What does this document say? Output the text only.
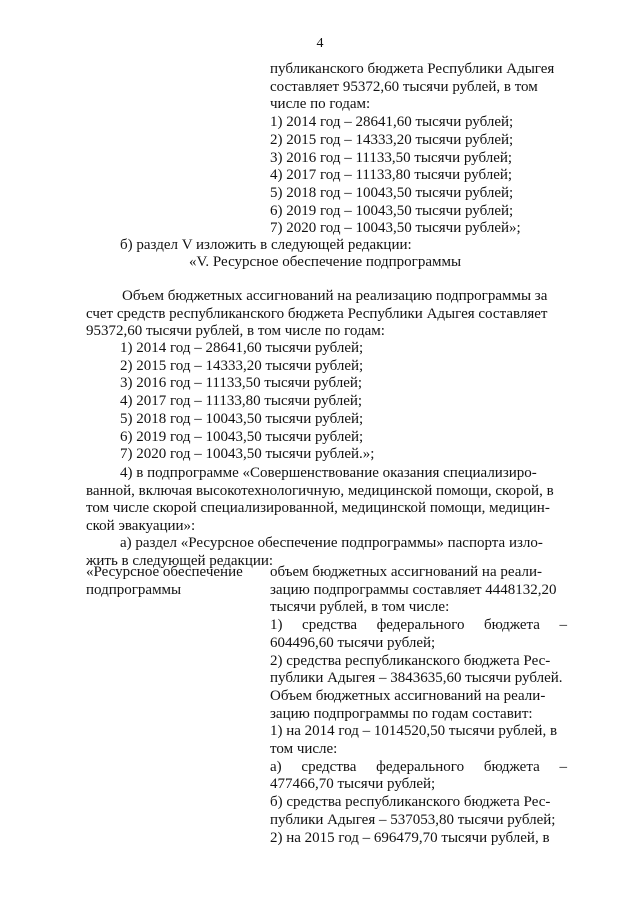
4

публиканского бюджета Республики Адыгея

составляет 95372,60 тысячи рублей, в том

числе по годам:

1) 2014 год – 28641,60 тысячи рублей;

2) 2015 год – 14333,20 тысячи рублей;

3) 2016 год – 11133,50 тысячи рублей;

4) 2017 год – 11133,80 тысячи рублей;

5) 2018 год – 10043,50 тысячи рублей;

6) 2019 год – 10043,50 тысячи рублей;

7) 2020 год – 10043,50 тысячи рублей»;

б) раздел V изложить в следующей редакции:

«V. Ресурсное обеспечение подпрограммы

Объем бюджетных ассигнований на реализацию подпрограммы за

счет средств республиканского бюджета Республики Адыгея составляет

95372,60 тысячи рублей, в том числе по годам:

1) 2014 год – 28641,60 тысячи рублей;

2) 2015 год – 14333,20 тысячи рублей;

3) 2016 год – 11133,50 тысячи рублей;

4) 2017 год – 11133,80 тысячи рублей;

5) 2018 год – 10043,50 тысячи рублей;

6) 2019 год – 10043,50 тысячи рублей;

7) 2020 год – 10043,50 тысячи рублей.»;

4) в подпрограмме «Совершенствование оказания специализиро-

ванной, включая высокотехнологичную, медицинской помощи, скорой, в

том числе скорой специализированной, медицинской помощи, медицин-

ской эвакуации»:

а) раздел «Ресурсное обеспечение подпрограммы» паспорта изло-

жить в следующей редакции:

«Ресурсное обеспечение

подпрограммы

объем бюджетных ассигнований на реали-

зацию подпрограммы составляет 4448132,20

тысячи рублей, в том числе:

1) средства федерального бюджета –

604496,60 тысячи рублей;

2) средства республиканского бюджета Рес-

публики Адыгея – 3843635,60 тысячи рублей.

Объем бюджетных ассигнований на реали-

зацию подпрограммы по годам составит:

1) на 2014 год – 1014520,50 тысячи рублей, в

том числе:

а) средства федерального бюджета –

477466,70 тысячи рублей;

б) средства республиканского бюджета Рес-

публики Адыгея – 537053,80 тысячи рублей;

2) на 2015 год – 696479,70 тысячи рублей, в
